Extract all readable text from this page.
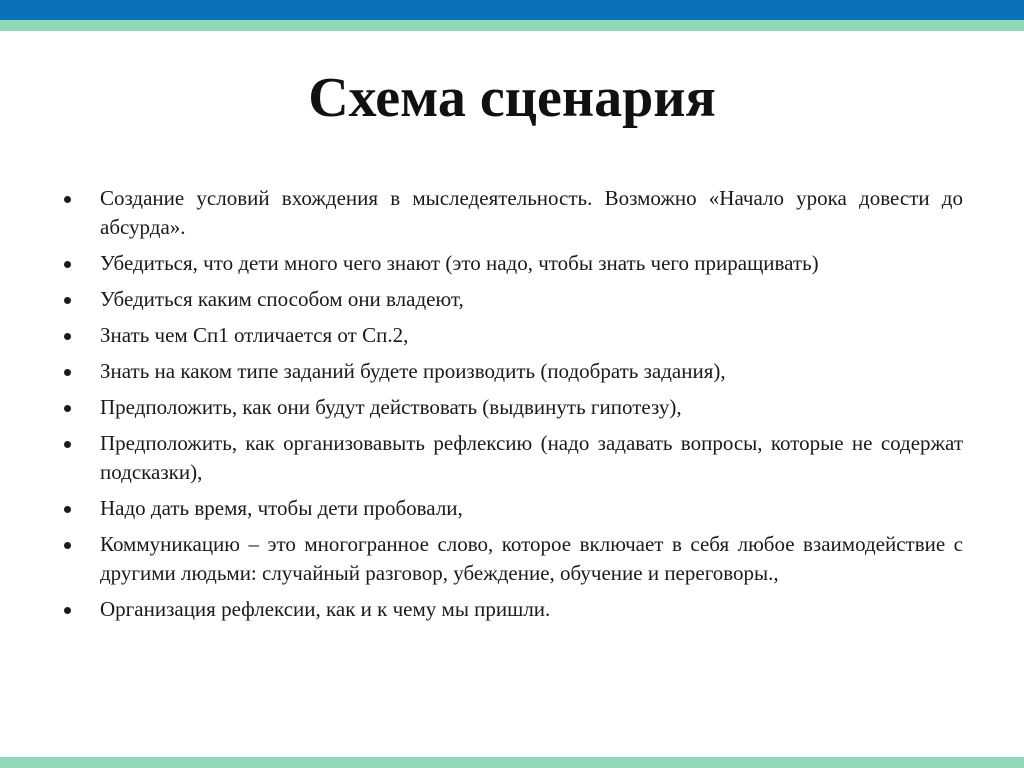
Схема сценария
Создание условий вхождения в мыследеятельность. Возможно «Начало урока довести до абсурда».
Убедиться, что дети много чего знают (это надо, чтобы знать чего приращивать)
Убедиться каким способом они владеют,
Знать чем Сп1 отличается от Сп.2,
Знать на каком типе заданий будете производить (подобрать задания),
Предположить, как они будут действовать (выдвинуть гипотезу),
Предположить, как организовавыть рефлексию (надо задавать вопросы, которые не содержат подсказки),
Надо дать время, чтобы дети пробовали,
Коммуникацию – это многогранное слово, которое включает в себя любое взаимодействие с другими людьми: случайный разговор, убеждение, обучение и переговоры.,
Организация рефлексии, как и к чему мы пришли.
